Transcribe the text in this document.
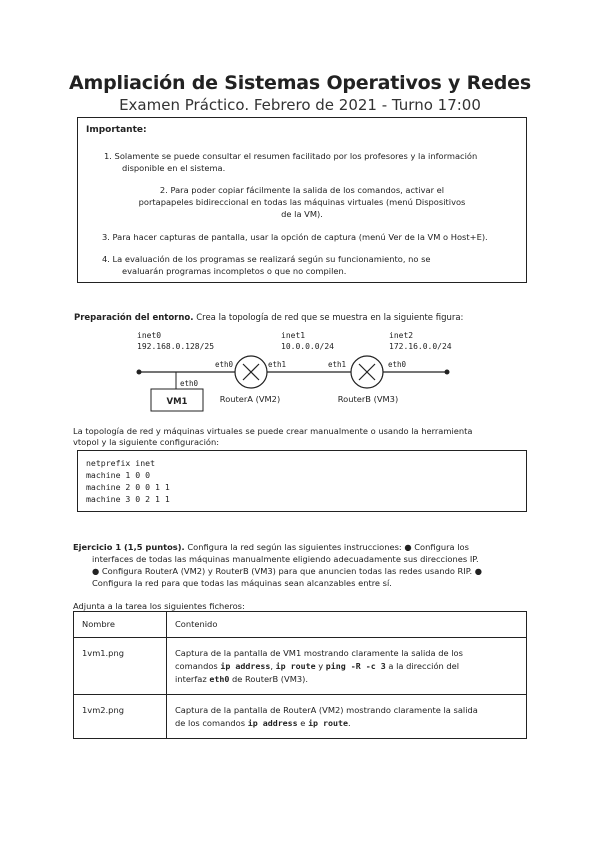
Ampliación de Sistemas Operativos y Redes
Examen Práctico. Febrero de 2021 - Turno 17:00
Importante:
1. Solamente se puede consultar el resumen facilitado por los profesores y la información
disponible en el sistema.
2. Para poder copiar fácilmente la salida de los comandos, activar el
portapapeles bidireccional en todas las máquinas virtuales (menú Dispositivos
de la VM).
3. Para hacer capturas de pantalla, usar la opción de captura (menú Ver de la VM o Host+E).
4. La evaluación de los programas se realizará según su funcionamiento, no se
evaluarán programas incompletos o que no compilen.
Preparación del entorno. Crea la topología de red que se muestra en la siguiente figura:
inet0
192.168.0.128/25
inet1
10.0.0.0/24
inet2
172.16.0.0/24
eth0
VM1
eth0	eth1
RouterA (VM2)
eth1	eth0
RouterB (VM3)
La topología de red y máquinas virtuales se puede crear manualmente o usando la herramienta
vtopol y la siguiente configuración:
netprefix inet
machine 1 0 0
machine 2 0 0 1 1
machine 3 0 2 1 1
Ejercicio 1 (1,5 puntos). Configura la red según las siguientes instrucciones: ● Configura los
interfaces de todas las máquinas manualmente eligiendo adecuadamente sus direcciones IP.
● Configura RouterA (VM2) y RouterB (VM3) para que anuncien todas las redes usando RIP. ●
Configura la red para que todas las máquinas sean alcanzables entre sí.
Adjunta a la tarea los siguientes ficheros:
Nombre	Contenido
1vm1.png	Captura de la pantalla de VM1 mostrando claramente la salida de los
comandos ip address, ip route y ping -R -c 3 a la dirección del
interfaz eth0 de RouterB (VM3).
1vm2.png	Captura de la pantalla de RouterA (VM2) mostrando claramente la salida
de los comandos ip address e ip route.
